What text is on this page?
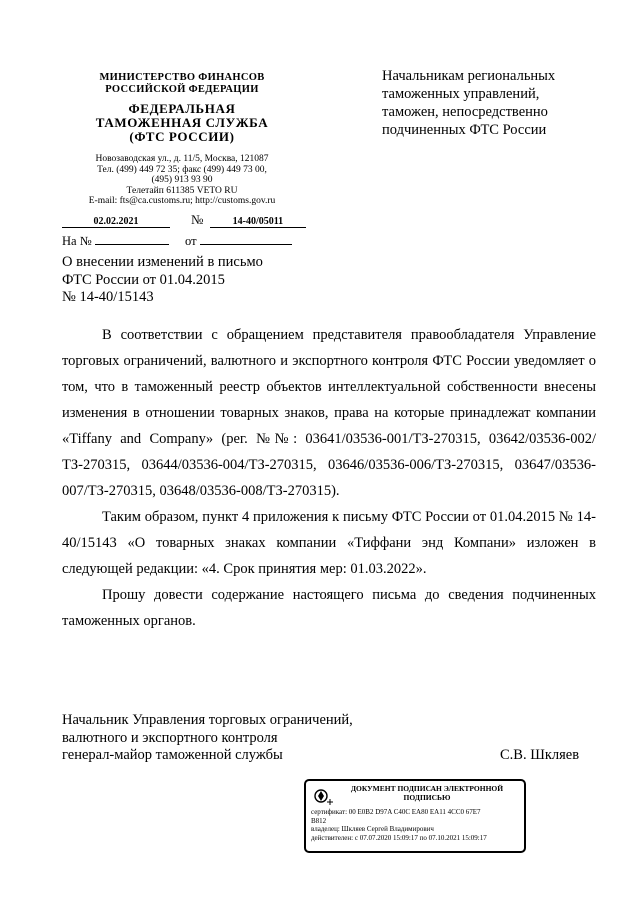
МИНИСТЕРСТВО ФИНАНСОВ
РОССИЙСКОЙ ФЕДЕРАЦИИ
ФЕДЕРАЛЬНАЯ
ТАМОЖЕННАЯ СЛУЖБА
(ФТС РОССИИ)
Новозаводская ул., д. 11/5, Москва, 121087
Тел. (499) 449 72 35; факс (499) 449 73 00,
(495) 913 93 90
Телетайп 611385 VETO RU
E-mail: fts@ca.customs.ru; http://customs.gov.ru
Начальникам региональных
таможенных управлений,
таможен, непосредственно
подчиненных ФТС России
02.02.2021	№	14-40/05011
На №	от
О внесении изменений в письмо
ФТС России от 01.04.2015
№ 14-40/15143

В соответствии с обращением представителя правообладателя Управление торговых ограничений, валютного и экспортного контроля ФТС России уведомляет о том, что в таможенный реестр объектов интеллектуальной собственности внесены изменения в отношении товарных знаков, права на которые принадлежат компании «Tiffany and Company» (рег. №№: 03641/03536-001/ТЗ-270315, 03642/03536-002/ТЗ-270315, 03644/03536-004/ТЗ-270315, 03646/03536-006/ТЗ-270315, 03647/03536-007/ТЗ-270315, 03648/03536-008/ТЗ-270315).

Таким образом, пункт 4 приложения к письму ФТС России от 01.04.2015 № 14-40/15143 «О товарных знаках компании «Тиффани энд Компани» изложен в следующей редакции: «4. Срок принятия мер: 01.03.2022».

Прошу довести содержание настоящего письма до сведения подчиненных таможенных органов.

Начальник Управления торговых ограничений,
валютного и экспортного контроля
генерал-майор таможенной службы	С.В. Шкляев
ДОКУМЕНТ ПОДПИСАН ЭЛЕКТРОННОЙ
ПОДПИСЬЮ
сертификат: 00 E0B2 D97A C40C EA80 EA11 4CC0 67E7
B812
владелец: Шкляев Сергей Владимирович
действителен: с 07.07.2020 15:09:17 по 07.10.2021 15:09:17
